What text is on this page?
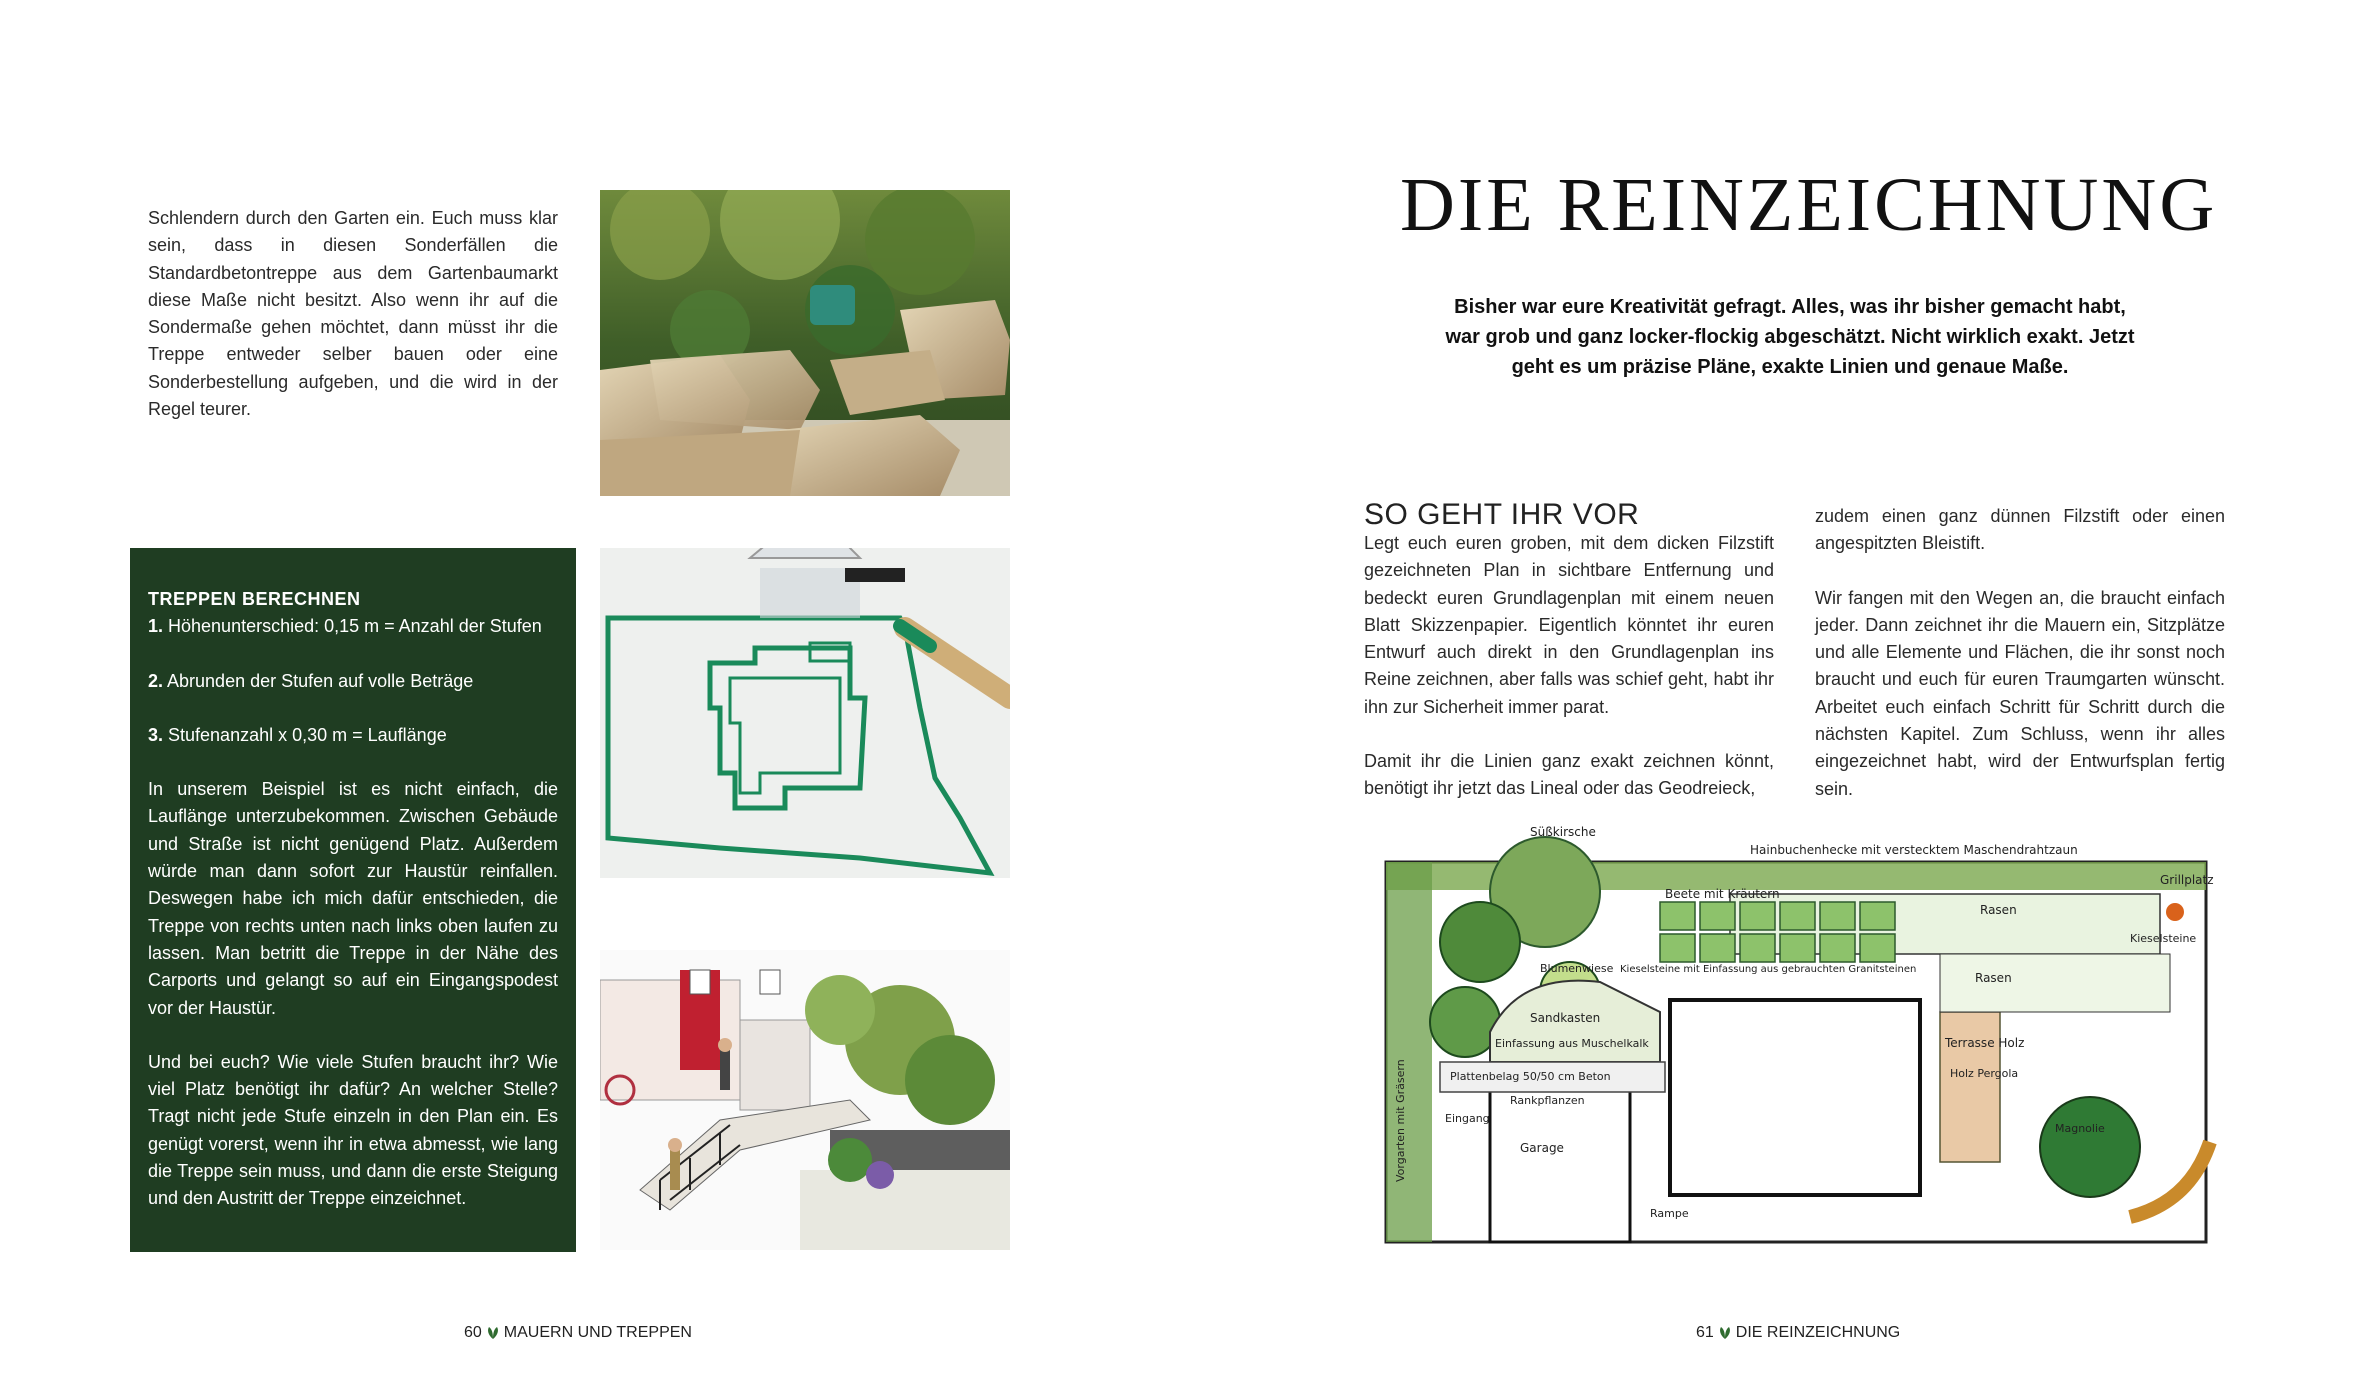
Schlendern durch den Garten ein. Euch muss klar sein, dass in diesen Sonderfällen die Standardbetontreppe aus dem Gartenbaumarkt diese Maße nicht besitzt. Also wenn ihr auf die Sondermaße gehen möchtet, dann müsst ihr die Treppe entweder selber bauen oder eine Sonderbestellung aufgeben, und die wird in der Regel teurer.
TREPPEN BERECHNEN

1. Höhenunterschied: 0,15 m = Anzahl der Stufen

2. Abrunden der Stufen auf volle Beträge

3. Stufenanzahl x 0,30 m = Lauflänge

In unserem Beispiel ist es nicht einfach, die Lauflänge unterzubekommen. Zwischen Gebäude und Straße ist nicht genügend Platz. Außerdem würde man dann sofort zur Haustür reinfallen. Deswegen habe ich mich dafür entschieden, die Treppe von rechts unten nach links oben laufen zu lassen. Man betritt die Treppe in der Nähe des Carports und gelangt so auf ein Eingangspodest vor der Haustür.

Und bei euch? Wie viele Stufen braucht ihr? Wie viel Platz benötigt ihr dafür? An welcher Stelle? Tragt nicht jede Stufe einzeln in den Plan ein. Es genügt vorerst, wenn ihr in etwa abmesst, wie lang die Treppe sein muss, und dann die erste Steigung und den Austritt der Treppe einzeichnet.

60 MAUERN UND TREPPEN
DIE REINZEICHNUNG
Bisher war eure Kreativität gefragt. Alles, was ihr bisher gemacht habt, war grob und ganz locker-flockig abgeschätzt. Nicht wirklich exakt. Jetzt geht es um präzise Pläne, exakte Linien und genaue Maße.
SO GEHT IHR VOR

Legt euch euren groben, mit dem dicken Filzstift gezeichneten Plan in sichtbare Entfernung und bedeckt euren Grundlagenplan mit einem neuen Blatt Skizzenpapier. Eigentlich könntet ihr euren Entwurf auch direkt in den Grundlagenplan ins Reine zeichnen, aber falls was schief geht, habt ihr ihn zur Sicherheit immer parat.

Damit ihr die Linien ganz exakt zeichnen könnt, benötigt ihr jetzt das Lineal oder das Geodreieck,

zudem einen ganz dünnen Filzstift oder einen angespitzten Bleistift.

Wir fangen mit den Wegen an, die braucht einfach jeder. Dann zeichnet ihr die Mauern ein, Sitzplätze und alle Elemente und Flächen, die ihr sonst noch braucht und euch für euren Traumgarten wünscht. Arbeitet euch einfach Schritt für Schritt durch die nächsten Kapitel. Zum Schluss, wenn ihr alles eingezeichnet habt, wird der Entwurfsplan fertig sein.

Hainbuchenhecke mit verstecktem Maschendrahtzaun
Süßkirsche
Grillplatz
Rasen
Rasen
Beete mit Kräutern
Kieselsteine mit Einfassung aus gebrauchten Granitsteinen
Blumenwiese
Sandkasten
Einfassung aus Muschelkalk
Plattenbelag 50/50 cm Beton
Rankpflanzen
Garage
Eingang
Terrasse Holz
Holz Pergola
Magnolie
Kieselsteine
Rampe
Vorgarten mit Gräsern
61 DIE REINZEICHNUNG
